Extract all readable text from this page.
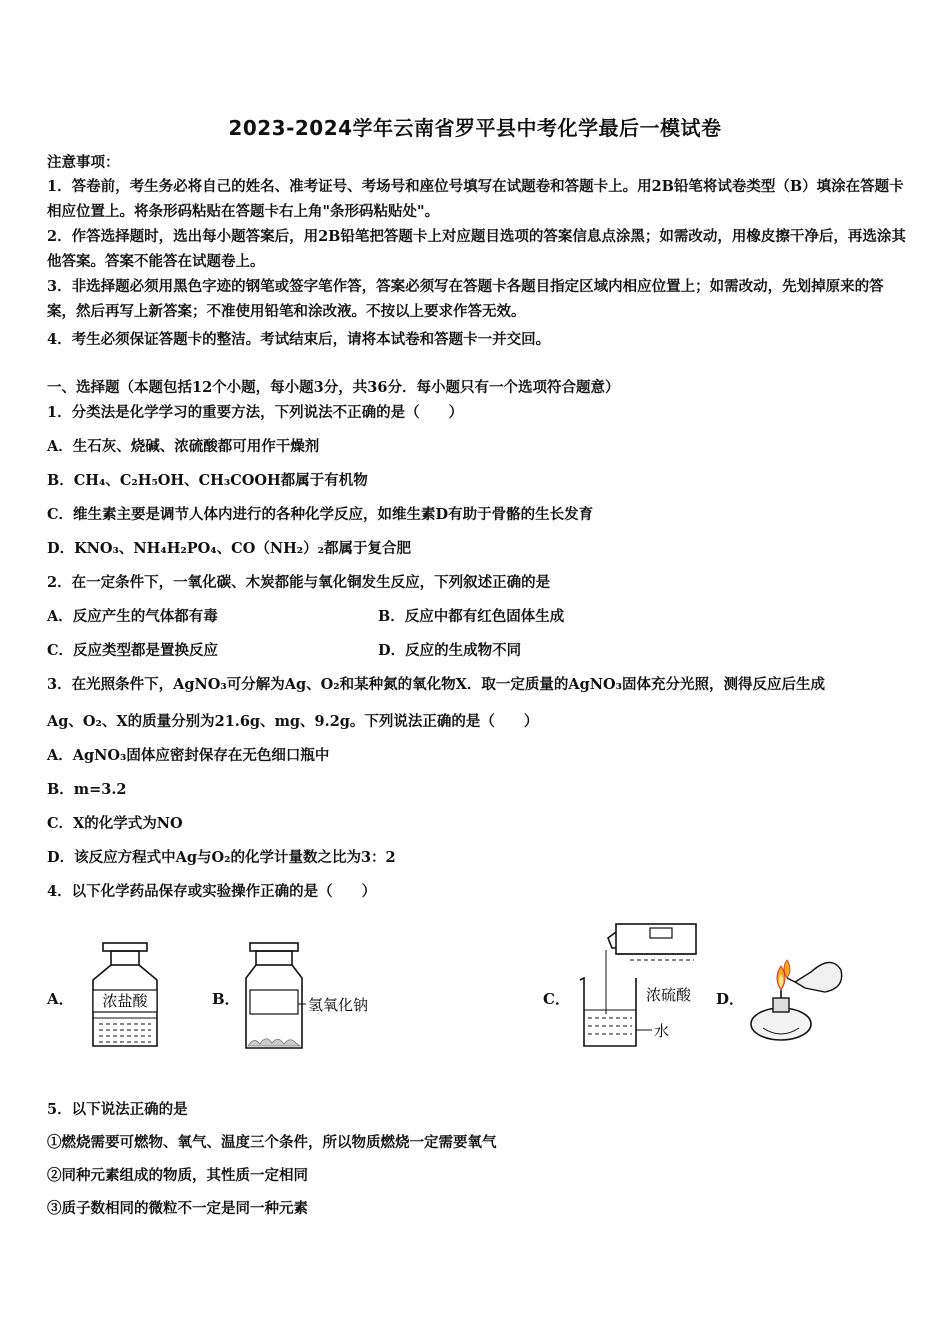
2023-2024学年云南省罗平县中考化学最后一模试卷
注意事项：
1．答卷前，考生务必将自己的姓名、准考证号、考场号和座位号填写在试题卷和答题卡上。用2B铅笔将试卷类型（B）填涂在答题卡相应位置上。将条形码粘贴在答题卡右上角"条形码粘贴处"。
2．作答选择题时，选出每小题答案后，用2B铅笔把答题卡上对应题目选项的答案信息点涂黑；如需改动，用橡皮擦干净后，再选涂其他答案。答案不能答在试题卷上。
3．非选择题必须用黑色字迹的钢笔或签字笔作答，答案必须写在答题卡各题目指定区域内相应位置上；如需改动，先划掉原来的答案，然后再写上新答案；不准使用铅笔和涂改液。不按以上要求作答无效。
4．考生必须保证答题卡的整洁。考试结束后，请将本试卷和答题卡一并交回。
一、选择题（本题包括12个小题，每小题3分，共36分．每小题只有一个选项符合题意）
1．分类法是化学学习的重要方法，下列说法不正确的是（　　）
A．生石灰、烧碱、浓硫酸都可用作干燥剂
B．CH₄、C₂H₅OH、CH₃COOH都属于有机物
C．维生素主要是调节人体内进行的各种化学反应，如维生素D有助于骨骼的生长发育
D．KNO₃、NH₄H₂PO₄、CO（NH₂）₂都属于复合肥
2．在一定条件下，一氧化碳、木炭都能与氧化铜发生反应，下列叙述正确的是
A．反应产生的气体都有毒	B．反应中都有红色固体生成
C．反应类型都是置换反应	D．反应的生成物不同
3．在光照条件下，AgNO₃可分解为Ag、O₂和某种氮的氧化物X．取一定质量的AgNO₃固体充分光照，测得反应后生成
Ag、O₂、X的质量分别为21.6g、mg、9.2g。下列说法正确的是（　　）
A．AgNO₃固体应密封保存在无色细口瓶中
B．m=3.2
C．X的化学式为NO
D．该反应方程式中Ag与O₂的化学计量数之比为3：2
4．以下化学药品保存或实验操作正确的是（　　）
A．	B．	C．	D．
浓盐酸	氢氧化钠
浓硫酸
水
5．以下说法正确的是
①燃烧需要可燃物、氧气、温度三个条件，所以物质燃烧一定需要氧气
②同种元素组成的物质，其性质一定相同
③质子数相同的微粒不一定是同一种元素
